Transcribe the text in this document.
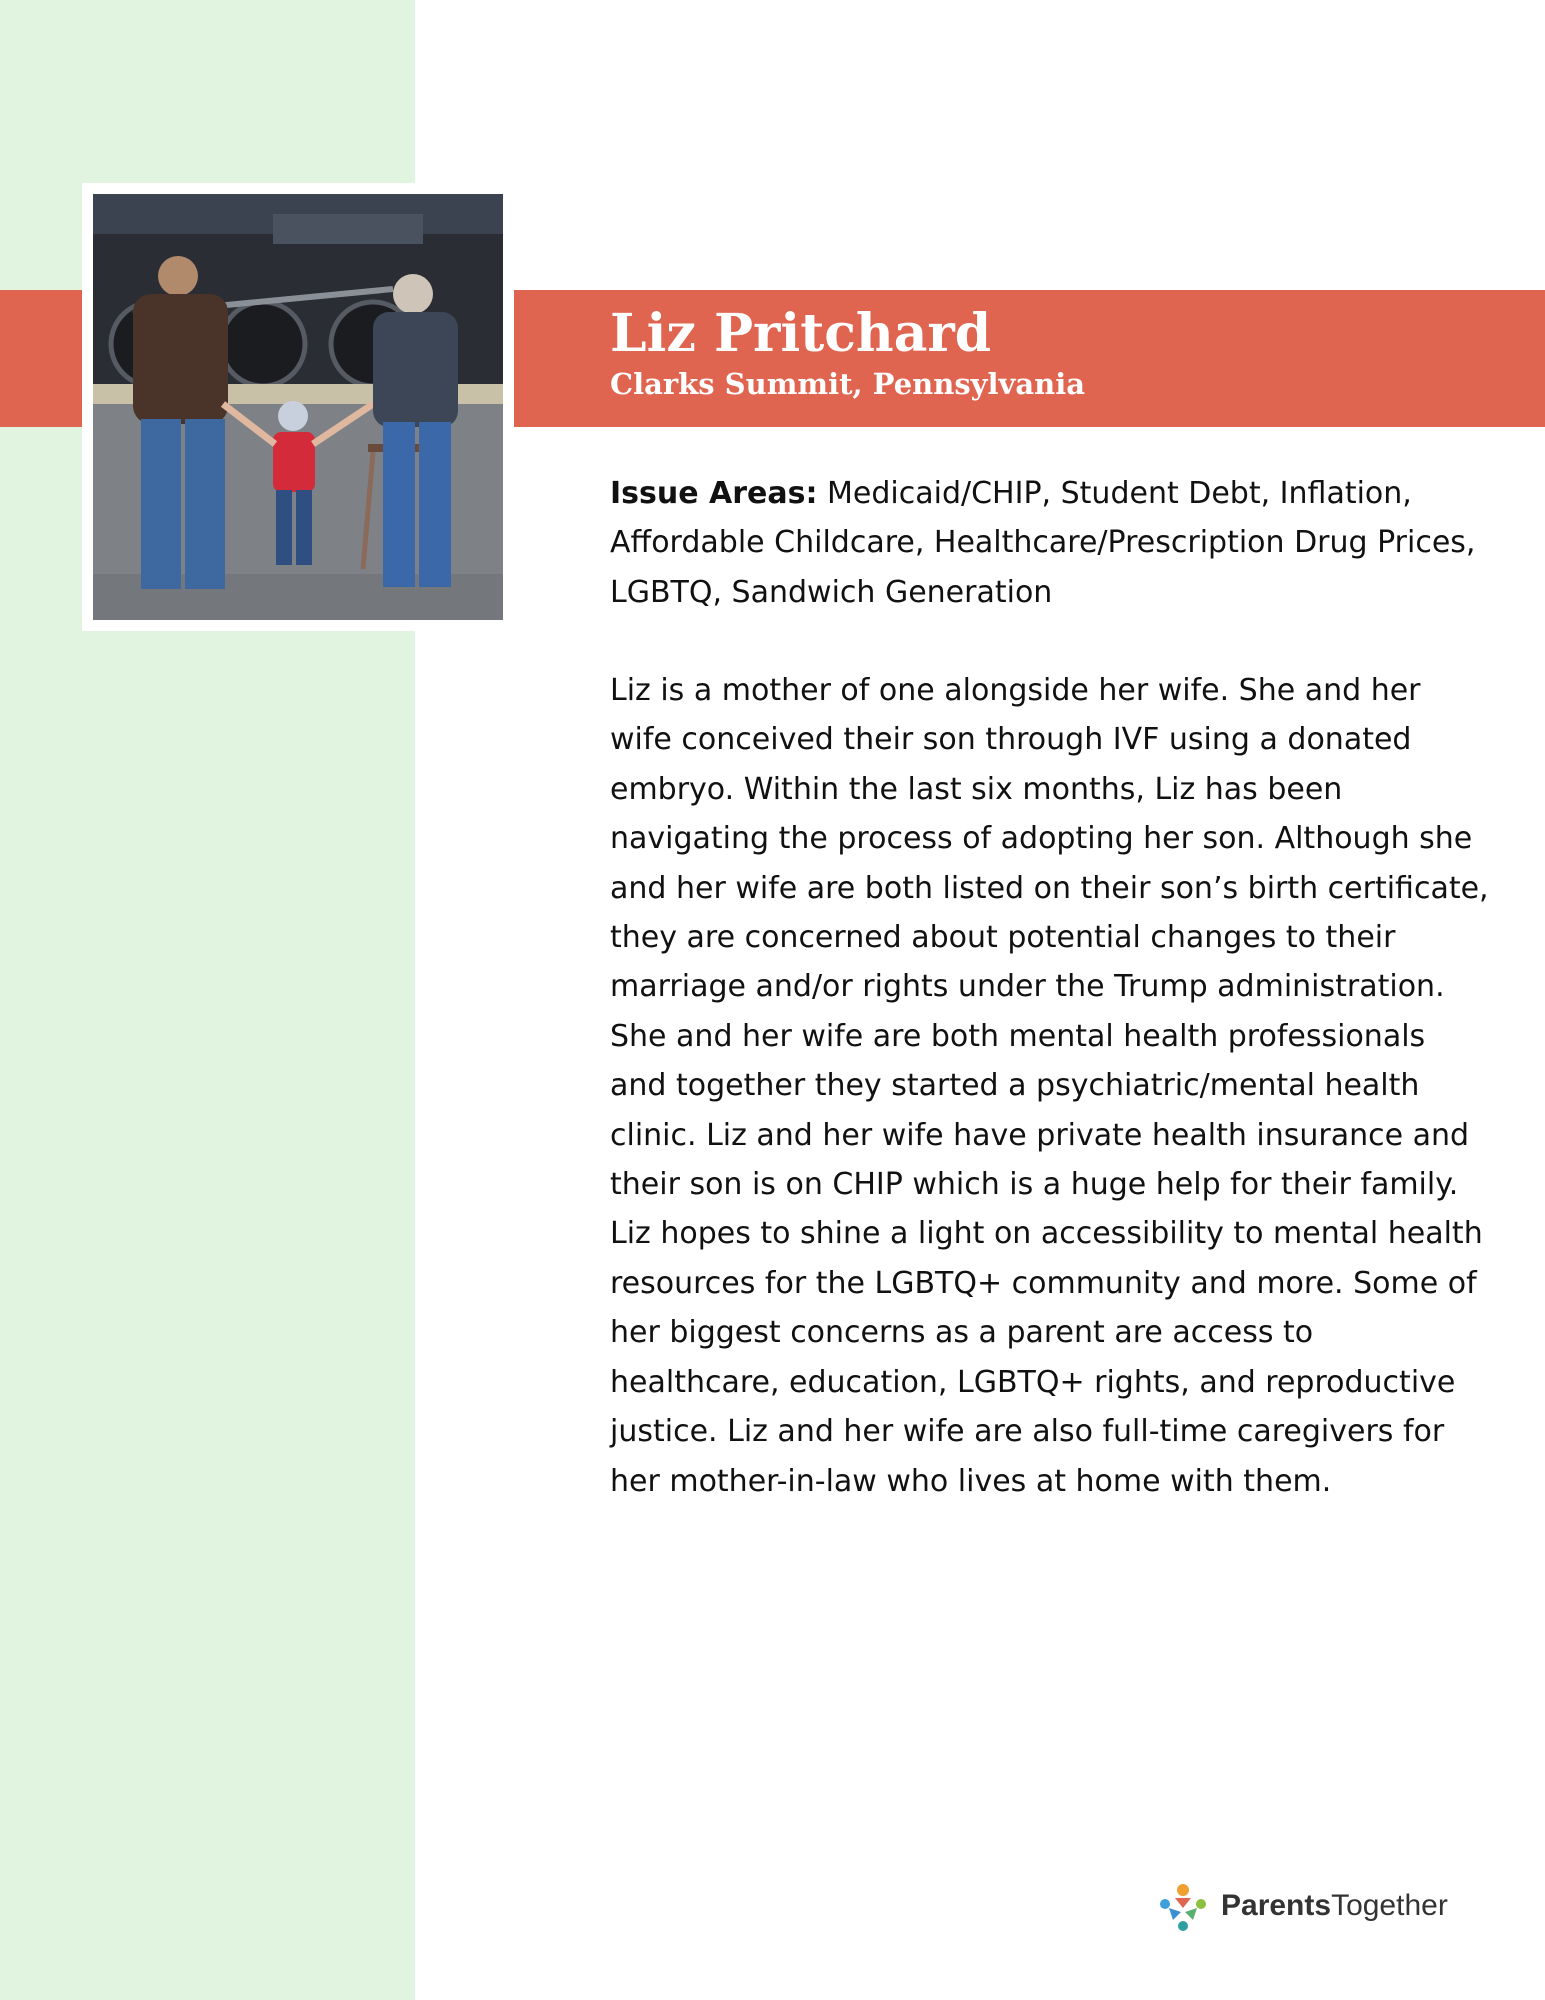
Liz Pritchard
Clarks Summit, Pennsylvania

Issue Areas: Medicaid/CHIP, Student Debt, Inflation, Affordable Childcare, Healthcare/Prescription Drug Prices, LGBTQ, Sandwich Generation

Liz is a mother of one alongside her wife. She and her wife conceived their son through IVF using a donated embryo. Within the last six months, Liz has been navigating the process of adopting her son. Although she and her wife are both listed on their son’s birth certificate, they are concerned about potential changes to their marriage and/or rights under the Trump administration. She and her wife are both mental health professionals and together they started a psychiatric/mental health clinic. Liz and her wife have private health insurance and their son is on CHIP which is a huge help for their family. Liz hopes to shine a light on accessibility to mental health resources for the LGBTQ+ community and more. Some of her biggest concerns as a parent are access to healthcare, education, LGBTQ+ rights, and reproductive justice. Liz and her wife are also full-time caregivers for her mother-in-law who lives at home with them.

ParentsTogether
